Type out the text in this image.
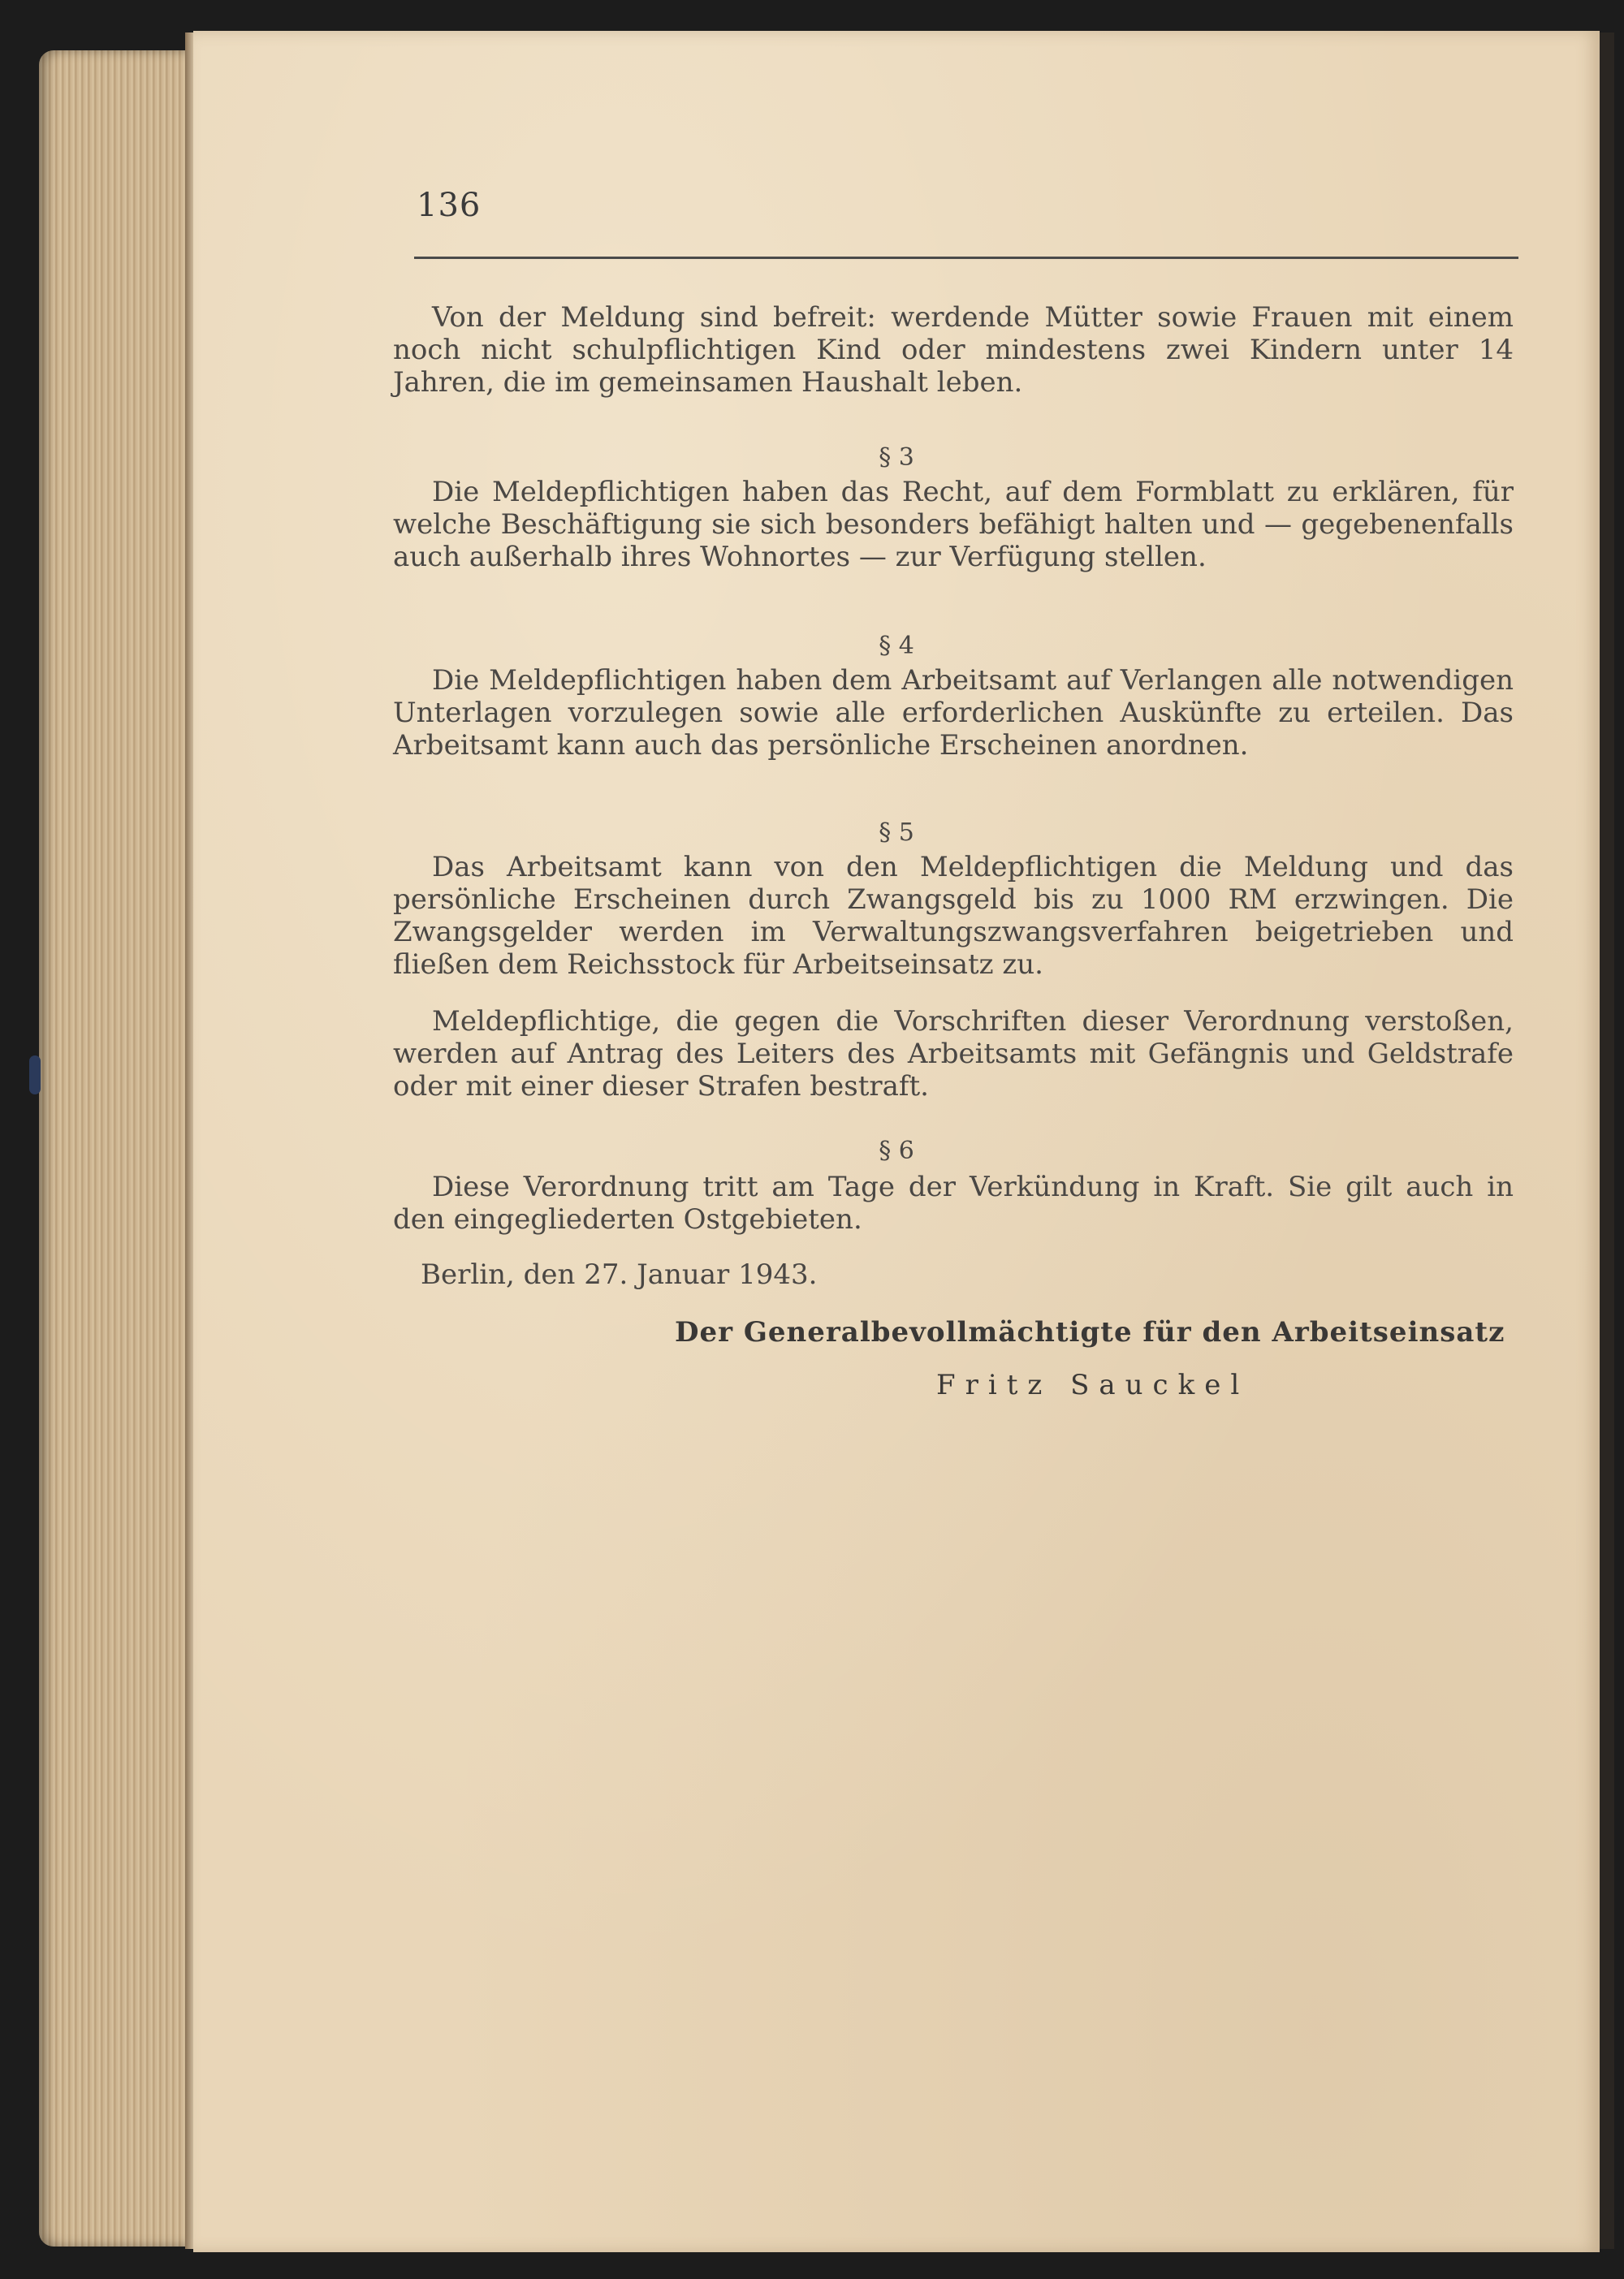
136
Von der Meldung sind befreit: werdende Mütter sowie Frauen mit einem noch nicht schulpflichtigen Kind oder mindestens zwei Kindern unter 14 Jahren, die im gemeinsamen Haushalt leben.
§ 3
Die Meldepflichtigen haben das Recht, auf dem Formblatt zu erklären, für welche Beschäftigung sie sich besonders befähigt halten und — gegebenenfalls auch außerhalb ihres Wohnortes — zur Verfügung stellen.
§ 4
Die Meldepflichtigen haben dem Arbeitsamt auf Verlangen alle notwendigen Unterlagen vorzulegen sowie alle erforderlichen Auskünfte zu erteilen. Das Arbeitsamt kann auch das persönliche Erscheinen anordnen.
§ 5
Das Arbeitsamt kann von den Meldepflichtigen die Meldung und das persönliche Erscheinen durch Zwangsgeld bis zu 1000 RM erzwingen. Die Zwangsgelder werden im Verwaltungszwangsverfahren beigetrieben und fließen dem Reichsstock für Arbeitseinsatz zu.
Meldepflichtige, die gegen die Vorschriften dieser Verordnung verstoßen, werden auf Antrag des Leiters des Arbeitsamts mit Gefängnis und Geldstrafe oder mit einer dieser Strafen bestraft.
§ 6
Diese Verordnung tritt am Tage der Verkündung in Kraft. Sie gilt auch in den eingegliederten Ostgebieten.
Berlin, den 27. Januar 1943.
Der Generalbevollmächtigte für den Arbeitseinsatz
Fritz Sauckel
